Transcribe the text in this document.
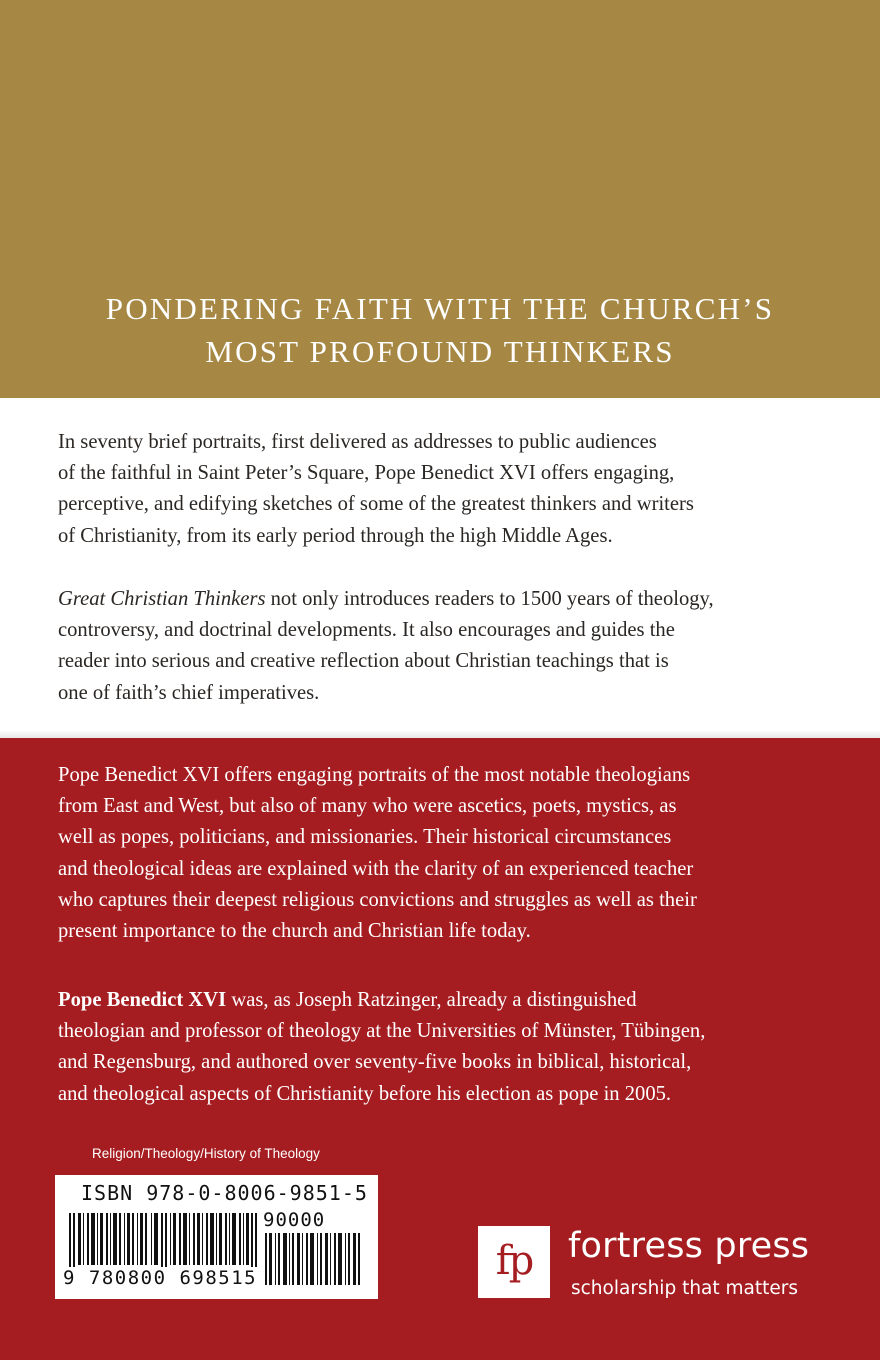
PONDERING FAITH WITH THE CHURCH’S
MOST PROFOUND THINKERS
In seventy brief portraits, first delivered as addresses to public audiences
of the faithful in Saint Peter’s Square, Pope Benedict XVI offers engaging,
perceptive, and edifying sketches of some of the greatest thinkers and writers
of Christianity, from its early period through the high Middle Ages.
Great Christian Thinkers not only introduces readers to 1500 years of theology,
controversy, and doctrinal developments. It also encourages and guides the
reader into serious and creative reflection about Christian teachings that is
one of faith’s chief imperatives.
Pope Benedict XVI offers engaging portraits of the most notable theologians
from East and West, but also of many who were ascetics, poets, mystics, as
well as popes, politicians, and missionaries. Their historical circumstances
and theological ideas are explained with the clarity of an experienced teacher
who captures their deepest religious convictions and struggles as well as their
present importance to the church and Christian life today.
Pope Benedict XVI was, as Joseph Ratzinger, already a distinguished
theologian and professor of theology at the Universities of Münster, Tübingen,
and Regensburg, and authored over seventy-five books in biblical, historical,
and theological aspects of Christianity before his election as pope in 2005.
Religion/Theology/History of Theology
ISBN 978-0-8006-9851-5
90000
9 780800 698515	fp	fortress press
scholarship that matters
